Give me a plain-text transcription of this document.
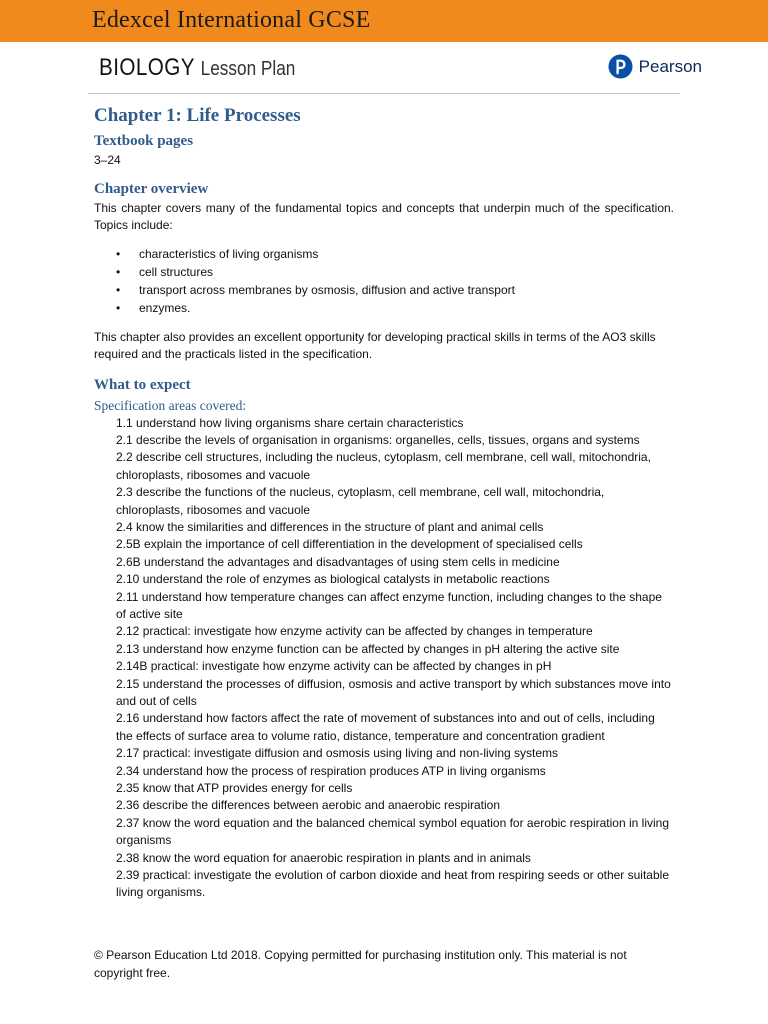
Edexcel International GCSE
BIOLOGY Lesson Plan	Pearson
Chapter 1: Life Processes
Textbook pages

3–24

Chapter overview

This chapter covers many of the fundamental topics and concepts that underpin much of the specification. Topics include:

• characteristics of living organisms
• cell structures
• transport across membranes by osmosis, diffusion and active transport
• enzymes.

This chapter also provides an excellent opportunity for developing practical skills in terms of the AO3 skills required and the practicals listed in the specification.

What to expect

Specification areas covered:

1.1 understand how living organisms share certain characteristics
2.1 describe the levels of organisation in organisms: organelles, cells, tissues, organs and systems
2.2 describe cell structures, including the nucleus, cytoplasm, cell membrane, cell wall, mitochondria, chloroplasts, ribosomes and vacuole
2.3 describe the functions of the nucleus, cytoplasm, cell membrane, cell wall, mitochondria, chloroplasts, ribosomes and vacuole
2.4 know the similarities and differences in the structure of plant and animal cells
2.5B explain the importance of cell differentiation in the development of specialised cells
2.6B understand the advantages and disadvantages of using stem cells in medicine
2.10 understand the role of enzymes as biological catalysts in metabolic reactions
2.11 understand how temperature changes can affect enzyme function, including changes to the shape of active site
2.12 practical: investigate how enzyme activity can be affected by changes in temperature
2.13 understand how enzyme function can be affected by changes in pH altering the active site
2.14B practical: investigate how enzyme activity can be affected by changes in pH
2.15 understand the processes of diffusion, osmosis and active transport by which substances move into and out of cells
2.16 understand how factors affect the rate of movement of substances into and out of cells, including the effects of surface area to volume ratio, distance, temperature and concentration gradient
2.17 practical: investigate diffusion and osmosis using living and non-living systems
2.34 understand how the process of respiration produces ATP in living organisms
2.35 know that ATP provides energy for cells
2.36 describe the differences between aerobic and anaerobic respiration
2.37 know the word equation and the balanced chemical symbol equation for aerobic respiration in living organisms
2.38 know the word equation for anaerobic respiration in plants and in animals
2.39 practical: investigate the evolution of carbon dioxide and heat from respiring seeds or other suitable living organisms.
© Pearson Education Ltd 2018. Copying permitted for purchasing institution only. This material is not copyright free.
